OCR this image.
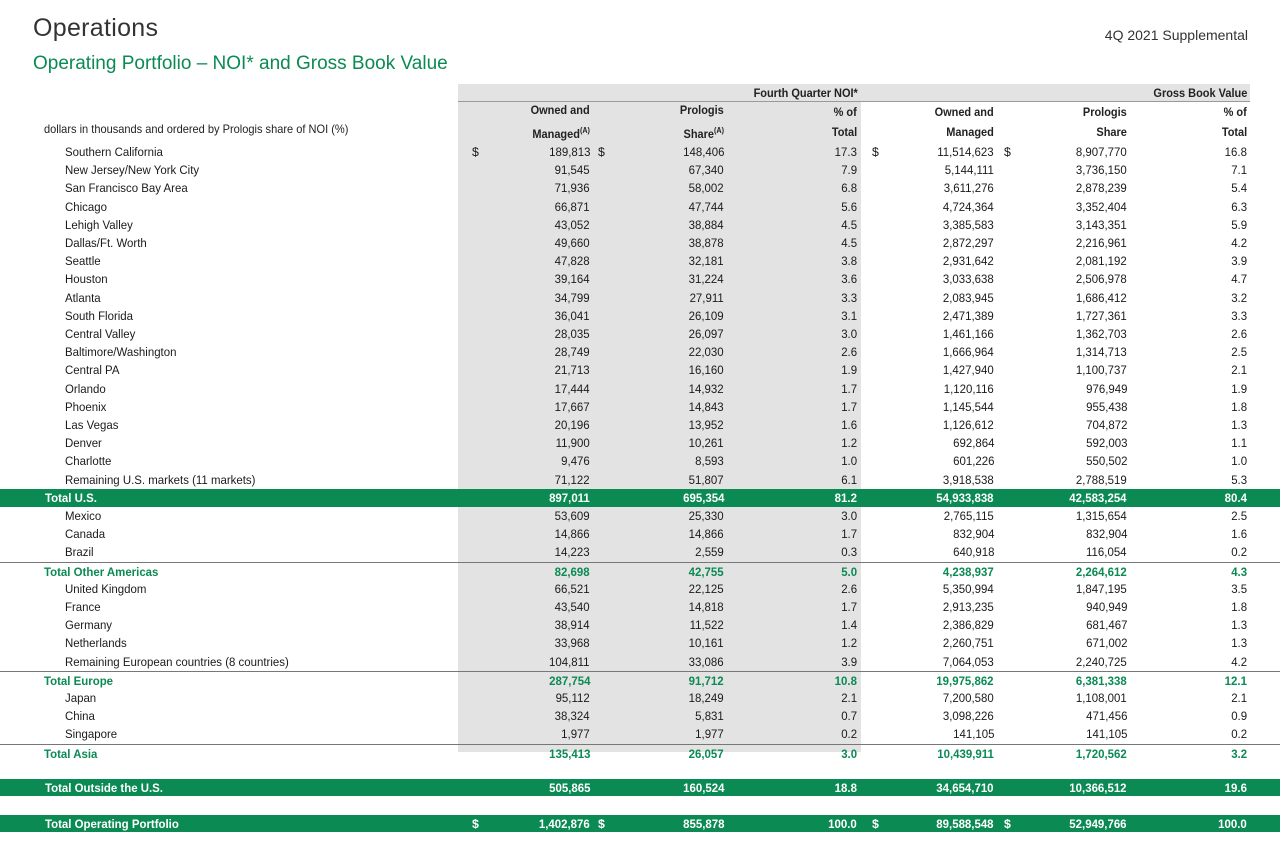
Operations
Operating Portfolio – NOI* and Gross Book Value
4Q 2021 Supplemental
Fourth Quarter NOI*	Gross Book Value
Owned and
Managed$^{(A)}$
Prologis
Share$^{(A)}$
% of
Total
Owned and
Managed
Prologis
Share
% of
Total
dollars in thousands and ordered by Prologis share of NOI (%)
Southern California	189,813	148,406	17.3	11,514,623	8,907,770	16.8
$	$	$	$
New Jersey/New York City	91,545	67,340	7.9	5,144,111	3,736,150	7.1
San Francisco Bay Area	71,936	58,002	6.8	3,611,276	2,878,239	5.4
Chicago	66,871	47,744	5.6	4,724,364	3,352,404	6.3
Lehigh Valley	43,052	38,884	4.5	3,385,583	3,143,351	5.9
Dallas/Ft. Worth	49,660	38,878	4.5	2,872,297	2,216,961	4.2
Seattle	47,828	32,181	3.8	2,931,642	2,081,192	3.9
Houston	39,164	31,224	3.6	3,033,638	2,506,978	4.7
Atlanta	34,799	27,911	3.3	2,083,945	1,686,412	3.2
South Florida	36,041	26,109	3.1	2,471,389	1,727,361	3.3
Central Valley	28,035	26,097	3.0	1,461,166	1,362,703	2.6
Baltimore/Washington	28,749	22,030	2.6	1,666,964	1,314,713	2.5
Central PA	21,713	16,160	1.9	1,427,940	1,100,737	2.1
Orlando	17,444	14,932	1.7	1,120,116	976,949	1.9
Phoenix	17,667	14,843	1.7	1,145,544	955,438	1.8
Las Vegas	20,196	13,952	1.6	1,126,612	704,872	1.3
Denver	11,900	10,261	1.2	692,864	592,003	1.1
Charlotte	9,476	8,593	1.0	601,226	550,502	1.0
Remaining U.S. markets (11 markets)	71,122	51,807	6.1	3,918,538	2,788,519	5.3
Total U.S.	897,011	695,354	81.2	54,933,838	42,583,254	80.4
Mexico	53,609	25,330	3.0	2,765,115	1,315,654	2.5
Canada	14,866	14,866	1.7	832,904	832,904	1.6
Brazil	14,223	2,559	0.3	640,918	116,054	0.2
Total Other Americas	82,698	42,755	5.0	4,238,937	2,264,612	4.3
United Kingdom	66,521	22,125	2.6	5,350,994	1,847,195	3.5
France	43,540	14,818	1.7	2,913,235	940,949	1.8
Germany	38,914	11,522	1.4	2,386,829	681,467	1.3
Netherlands	33,968	10,161	1.2	2,260,751	671,002	1.3
Remaining European countries (8 countries)	104,811	33,086	3.9	7,064,053	2,240,725	4.2
Total Europe	287,754	91,712	10.8	19,975,862	6,381,338	12.1
Japan	95,112	18,249	2.1	7,200,580	1,108,001	2.1
China	38,324	5,831	0.7	3,098,226	471,456	0.9
Singapore	1,977	1,977	0.2	141,105	141,105	0.2
Total Asia	135,413	26,057	3.0	10,439,911	1,720,562	3.2
Total Outside the U.S.	505,865	160,524	18.8	34,654,710	10,366,512	19.6
Total Operating Portfolio	1,402,876	855,878	100.0	89,588,548	52,949,766	100.0
$	$	$	$
